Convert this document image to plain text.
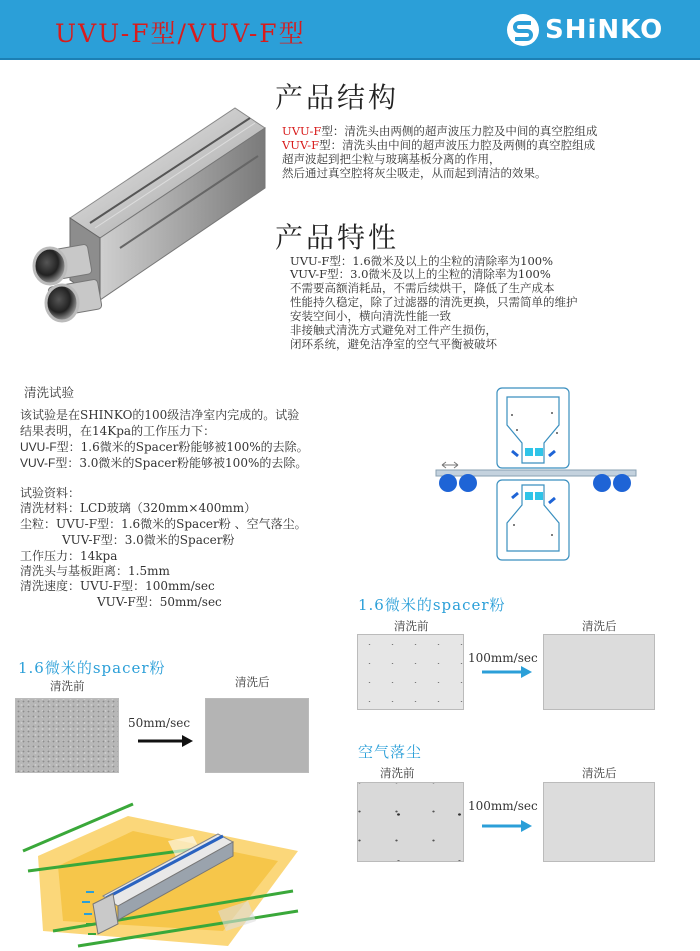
UVU-F型/VUV-F型	SHiNKO
产品结构
UVU-F型：清洗头由两侧的超声波压力腔及中间的真空腔组成
VUV-F型：清洗头由中间的超声波压力腔及两侧的真空腔组成
超声波起到把尘粒与玻璃基板分离的作用，
然后通过真空腔将灰尘吸走，从而起到清洁的效果。
产品特性
UVU-F型：1.6微米及以上的尘粒的清除率为100%
VUV-F型：3.0微米及以上的尘粒的清除率为100%
不需要高额消耗品，不需后续烘干，降低了生产成本
性能持久稳定，除了过滤器的清洗更换，只需简单的维护
安装空间小，横向清洗性能一致
非接触式清洗方式避免对工件产生损伤，
闭环系统，避免洁净室的空气平衡被破坏
清洗试验
该试验是在SHINKO的100级洁净室内完成的。试验
结果表明，在14Kpa的工作压力下：
UVU-F型：1.6微米的Spacer粉能够被100%的去除。
VUV-F型：3.0微米的Spacer粉能够被100%的去除。
试验资料：
清洗材料：LCD玻璃（320mm×400mm）
尘粒：UVU-F型：1.6微米的Spacer粉 、空气落尘。
VUV-F型：3.0微米的Spacer粉
工作压力：14kpa
清洗头与基板距离：1.5mm
清洗速度：UVU-F型：100mm/sec
VUV-F型：50mm/sec
1.6微米的spacer粉
清洗前	清洗后
50mm/sec
1.6微米的spacer粉
清洗前	清洗后
100mm/sec
空气落尘
清洗前	清洗后
100mm/sec
